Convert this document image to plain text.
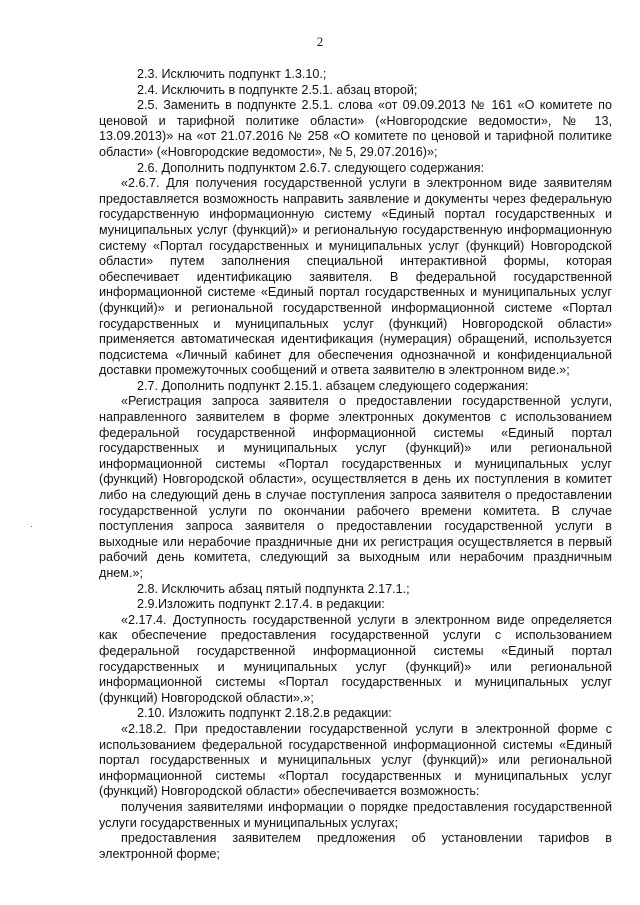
2
·

2.3. Исключить подпункт 1.3.10.;

2.4. Исключить в подпункте 2.5.1. абзац второй;

2.5. Заменить в подпункте 2.5.1. слова «от 09.09.2013 № 161 «О комитете по ценовой и тарифной политике области» («Новгородские ведомости», № 13, 13.09.2013)» на «от 21.07.2016 № 258 «О комитете по ценовой и тарифной политике области» («Новгородские ведомости», № 5, 29.07.2016)»;

2.6. Дополнить подпунктом 2.6.7. следующего содержания:

«2.6.7. Для получения государственной услуги в электронном виде заявителям предоставляется возможность направить заявление и документы через федеральную государственную информационную систему «Единый портал государственных и муниципальных услуг (функций)» и региональную государственную информационную систему «Портал государственных и муниципальных услуг (функций) Новгородской области» путем заполнения специальной интерактивной формы, которая обеспечивает идентификацию заявителя. В федеральной государственной информационной системе «Единый портал государственных и муниципальных услуг (функций)» и региональной государственной информационной системе «Портал государственных и муниципальных услуг (функций) Новгородской области» применяется автоматическая идентификация (нумерация) обращений, используется подсистема «Личный кабинет для обеспечения однозначной и конфиденциальной доставки промежуточных сообщений и ответа заявителю в электронном виде.»;

2.7. Дополнить подпункт 2.15.1. абзацем следующего содержания:

«Регистрация запроса заявителя о предоставлении государственной услуги, направленного заявителем в форме электронных документов с использованием федеральной государственной информационной системы «Единый портал государственных и муниципальных услуг (функций)» или региональной информационной системы «Портал государственных и муниципальных услуг (функций) Новгородской области», осуществляется в день их поступления в комитет либо на следующий день в случае поступления запроса заявителя о предоставлении государственной услуги по окончании рабочего времени комитета. В случае поступления запроса заявителя о предоставлении государственной услуги в выходные или нерабочие праздничные дни их регистрация осуществляется в первый рабочий день комитета, следующий за выходным или нерабочим праздничным днем.»;

2.8. Исключить абзац пятый подпункта 2.17.1.;

2.9.Изложить подпункт 2.17.4. в редакции:

«2.17.4. Доступность государственной услуги в электронном виде определяется как обеспечение предоставления государственной услуги с использованием федеральной государственной информационной системы «Единый портал государственных и муниципальных услуг (функций)» или региональной информационной системы «Портал государственных и муниципальных услуг (функций) Новгородской области».»;

2.10. Изложить подпункт 2.18.2.в редакции:

«2.18.2. При предоставлении государственной услуги в электронной форме с использованием федеральной государственной информационной системы «Единый портал государственных и муниципальных услуг (функций)» или региональной информационной системы «Портал государственных и муниципальных услуг (функций) Новгородской области» обеспечивается возможность:

получения заявителями информации о порядке предоставления государственной услуги государственных и муниципальных услугах;

предоставления заявителем предложения об установлении тарифов в электронной форме;
